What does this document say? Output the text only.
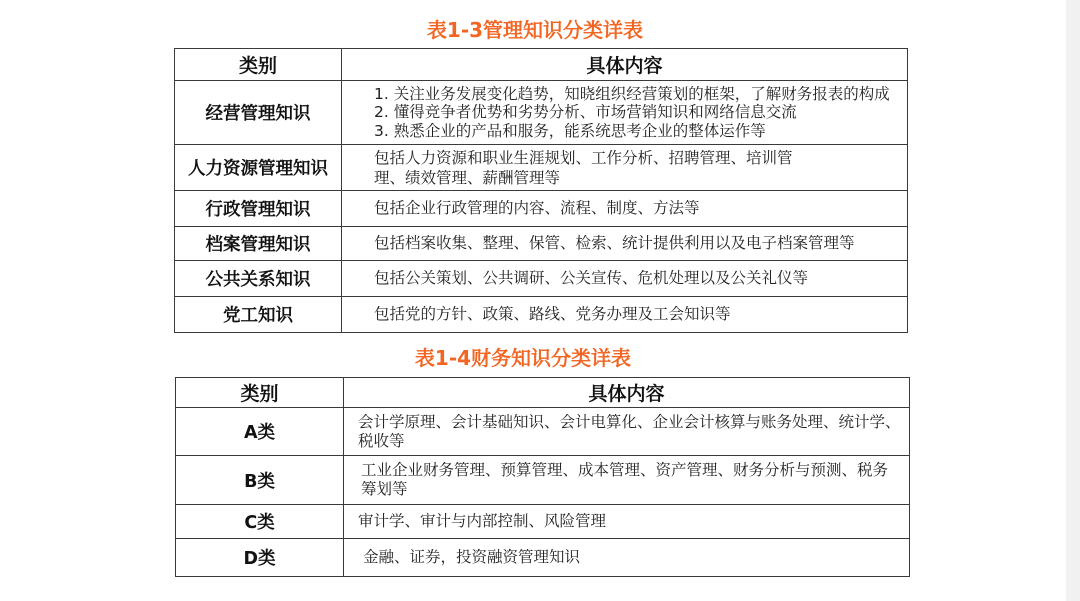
表1-3管理知识分类详表
类别	具体内容
经营管理知识	1. 关注业务发展变化趋势，知晓组织经营策划的框架，了解财务报表的构成
2. 懂得竞争者优势和劣势分析、市场营销知识和网络信息交流
3. 熟悉企业的产品和服务，能系统思考企业的整体运作等

人力资源管理知识	包括人力资源和职业生涯规划、工作分析、招聘管理、培训管
理、绩效管理、薪酬管理等

行政管理知识	包括企业行政管理的内容、流程、制度、方法等

档案管理知识	包括档案收集、整理、保管、检索、统计提供利用以及电子档案管理等

公共关系知识	包括公关策划、公共调研、公关宣传、危机处理以及公关礼仪等

党工知识	包括党的方针、政策、路线、党务办理及工会知识等
表1-4财务知识分类详表
类别	具体内容
A类	会计学原理、会计基础知识、会计电算化、企业会计核算与账务处理、统计学、
税收等

B类	工业企业财务管理、预算管理、成本管理、资产管理、财务分析与预测、税务
筹划等

C类	审计学、审计与内部控制、风险管理

D类	金融、证券，投资融资管理知识
